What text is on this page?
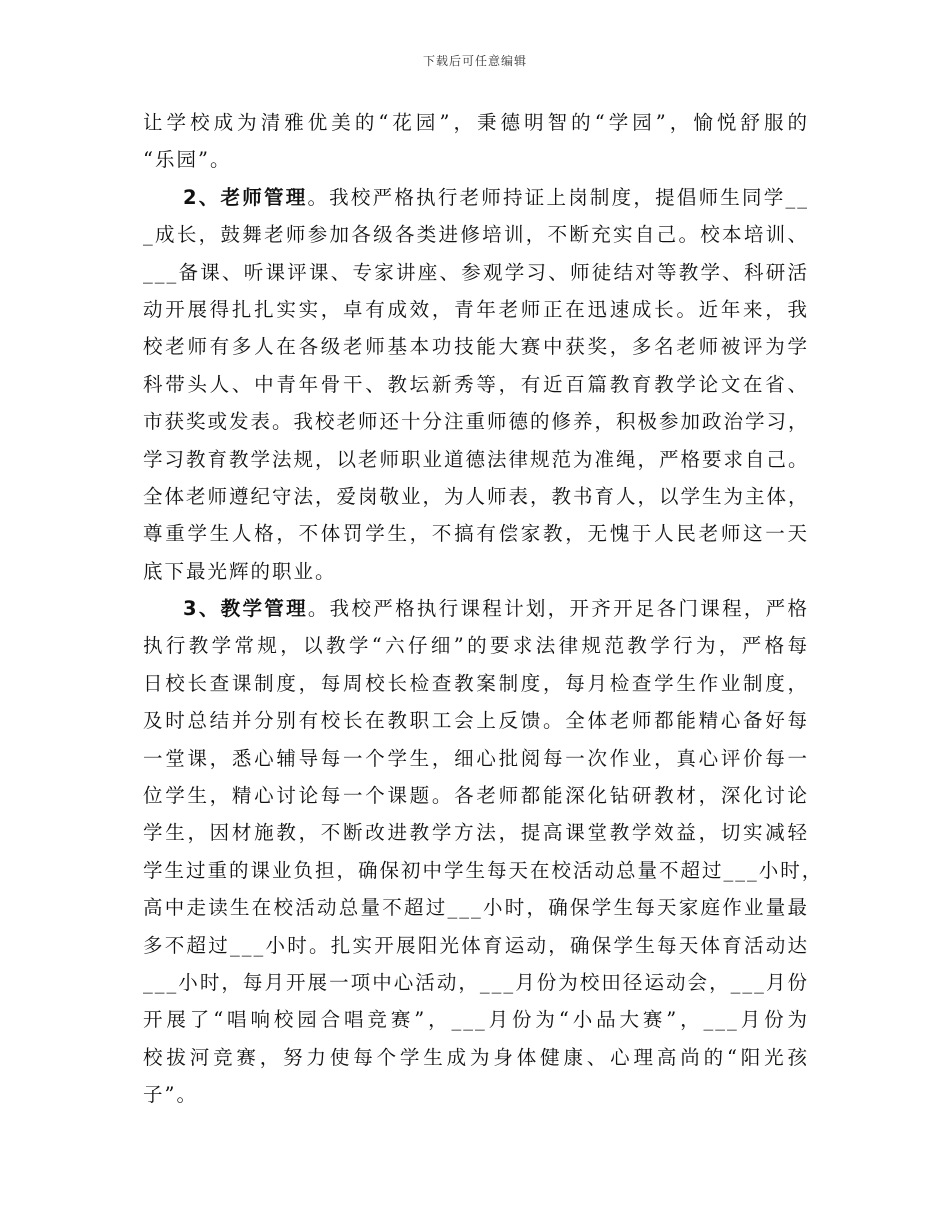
下载后可任意编辑
让学校成为清雅优美的“花园”，秉德明智的“学园”，愉悦舒服的
“乐园”。
2、老师管理。我校严格执行老师持证上岗制度，提倡师生同学__
_成长，鼓舞老师参加各级各类进修培训，不断充实自己。校本培训、
___备课、听课评课、专家讲座、参观学习、师徒结对等教学、科研活
动开展得扎扎实实，卓有成效，青年老师正在迅速成长。近年来，我
校老师有多人在各级老师基本功技能大赛中获奖，多名老师被评为学
科带头人、中青年骨干、教坛新秀等，有近百篇教育教学论文在省、
市获奖或发表。我校老师还十分注重师德的修养，积极参加政治学习，
学习教育教学法规，以老师职业道德法律规范为准绳，严格要求自己。
全体老师遵纪守法，爱岗敬业，为人师表，教书育人，以学生为主体，
尊重学生人格，不体罚学生，不搞有偿家教，无愧于人民老师这一天
底下最光辉的职业。
3、教学管理。我校严格执行课程计划，开齐开足各门课程，严格
执行教学常规，以教学“六仔细”的要求法律规范教学行为，严格每
日校长查课制度，每周校长检查教案制度，每月检查学生作业制度，
及时总结并分别有校长在教职工会上反馈。全体老师都能精心备好每
一堂课，悉心辅导每一个学生，细心批阅每一次作业，真心评价每一
位学生，精心讨论每一个课题。各老师都能深化钻研教材，深化讨论
学生，因材施教，不断改进教学方法，提高课堂教学效益，切实减轻
学生过重的课业负担，确保初中学生每天在校活动总量不超过___小时，
高中走读生在校活动总量不超过___小时，确保学生每天家庭作业量最
多不超过___小时。扎实开展阳光体育运动，确保学生每天体育活动达
___小时，每月开展一项中心活动，___月份为校田径运动会，___月份
开展了“唱响校园合唱竞赛”，___月份为“小品大赛”，___月份为
校拔河竞赛，努力使每个学生成为身体健康、心理高尚的“阳光孩
子”。
